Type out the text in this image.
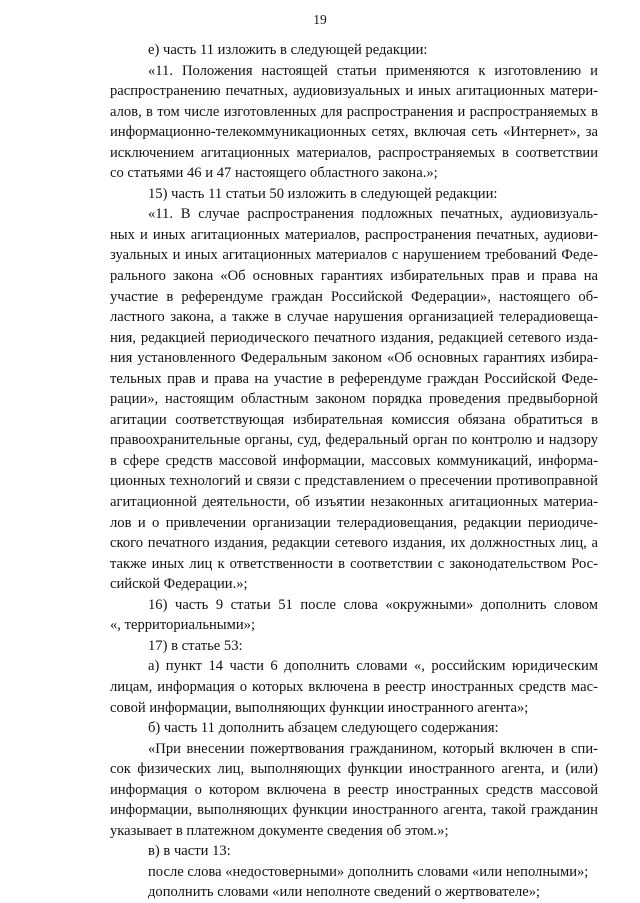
19
е) часть 11 изложить в следующей редакции:
«11. Положения настоящей статьи применяются к изготовлению и
распространению печатных, аудиовизуальных и иных агитационных матери-
алов, в том числе изготовленных для распространения и распространяемых в
информационно-телекоммуникационных сетях, включая сеть «Интернет», за
исключением агитационных материалов, распространяемых в соответствии
со статьями 46 и 47 настоящего областного закона.»;
15) часть 11 статьи 50 изложить в следующей редакции:
«11. В случае распространения подложных печатных, аудиовизуаль-
ных и иных агитационных материалов, распространения печатных, аудиови-
зуальных и иных агитационных материалов с нарушением требований Феде-
рального закона «Об основных гарантиях избирательных прав и права на
участие в референдуме граждан Российской Федерации», настоящего об-
ластного закона, а также в случае нарушения организацией телерадиовеща-
ния, редакцией периодического печатного издания, редакцией сетевого изда-
ния установленного Федеральным законом «Об основных гарантиях избира-
тельных прав и права на участие в референдуме граждан Российской Феде-
рации», настоящим областным законом порядка проведения предвыборной
агитации соответствующая избирательная комиссия обязана обратиться в
правоохранительные органы, суд, федеральный орган по контролю и надзору
в сфере средств массовой информации, массовых коммуникаций, информа-
ционных технологий и связи с представлением о пресечении противоправной
агитационной деятельности, об изъятии незаконных агитационных материа-
лов и о привлечении организации телерадиовещания, редакции периодиче-
ского печатного издания, редакции сетевого издания, их должностных лиц, а
также иных лиц к ответственности в соответствии с законодательством Рос-
сийской Федерации.»;
16) часть 9 статьи 51 после слова «окружными» дополнить словом
«, территориальными»;
17) в статье 53:
а) пункт 14 части 6 дополнить словами «, российским юридическим
лицам, информация о которых включена в реестр иностранных средств мас-
совой информации, выполняющих функции иностранного агента»;
б) часть 11 дополнить абзацем следующего содержания:
«При внесении пожертвования гражданином, который включен в спи-
сок физических лиц, выполняющих функции иностранного агента, и (или)
информация о котором включена в реестр иностранных средств массовой
информации, выполняющих функции иностранного агента, такой гражданин
указывает в платежном документе сведения об этом.»;
в) в части 13:
после слова «недостоверными» дополнить словами «или неполными»;
дополнить словами «или неполноте сведений о жертвователе»;
